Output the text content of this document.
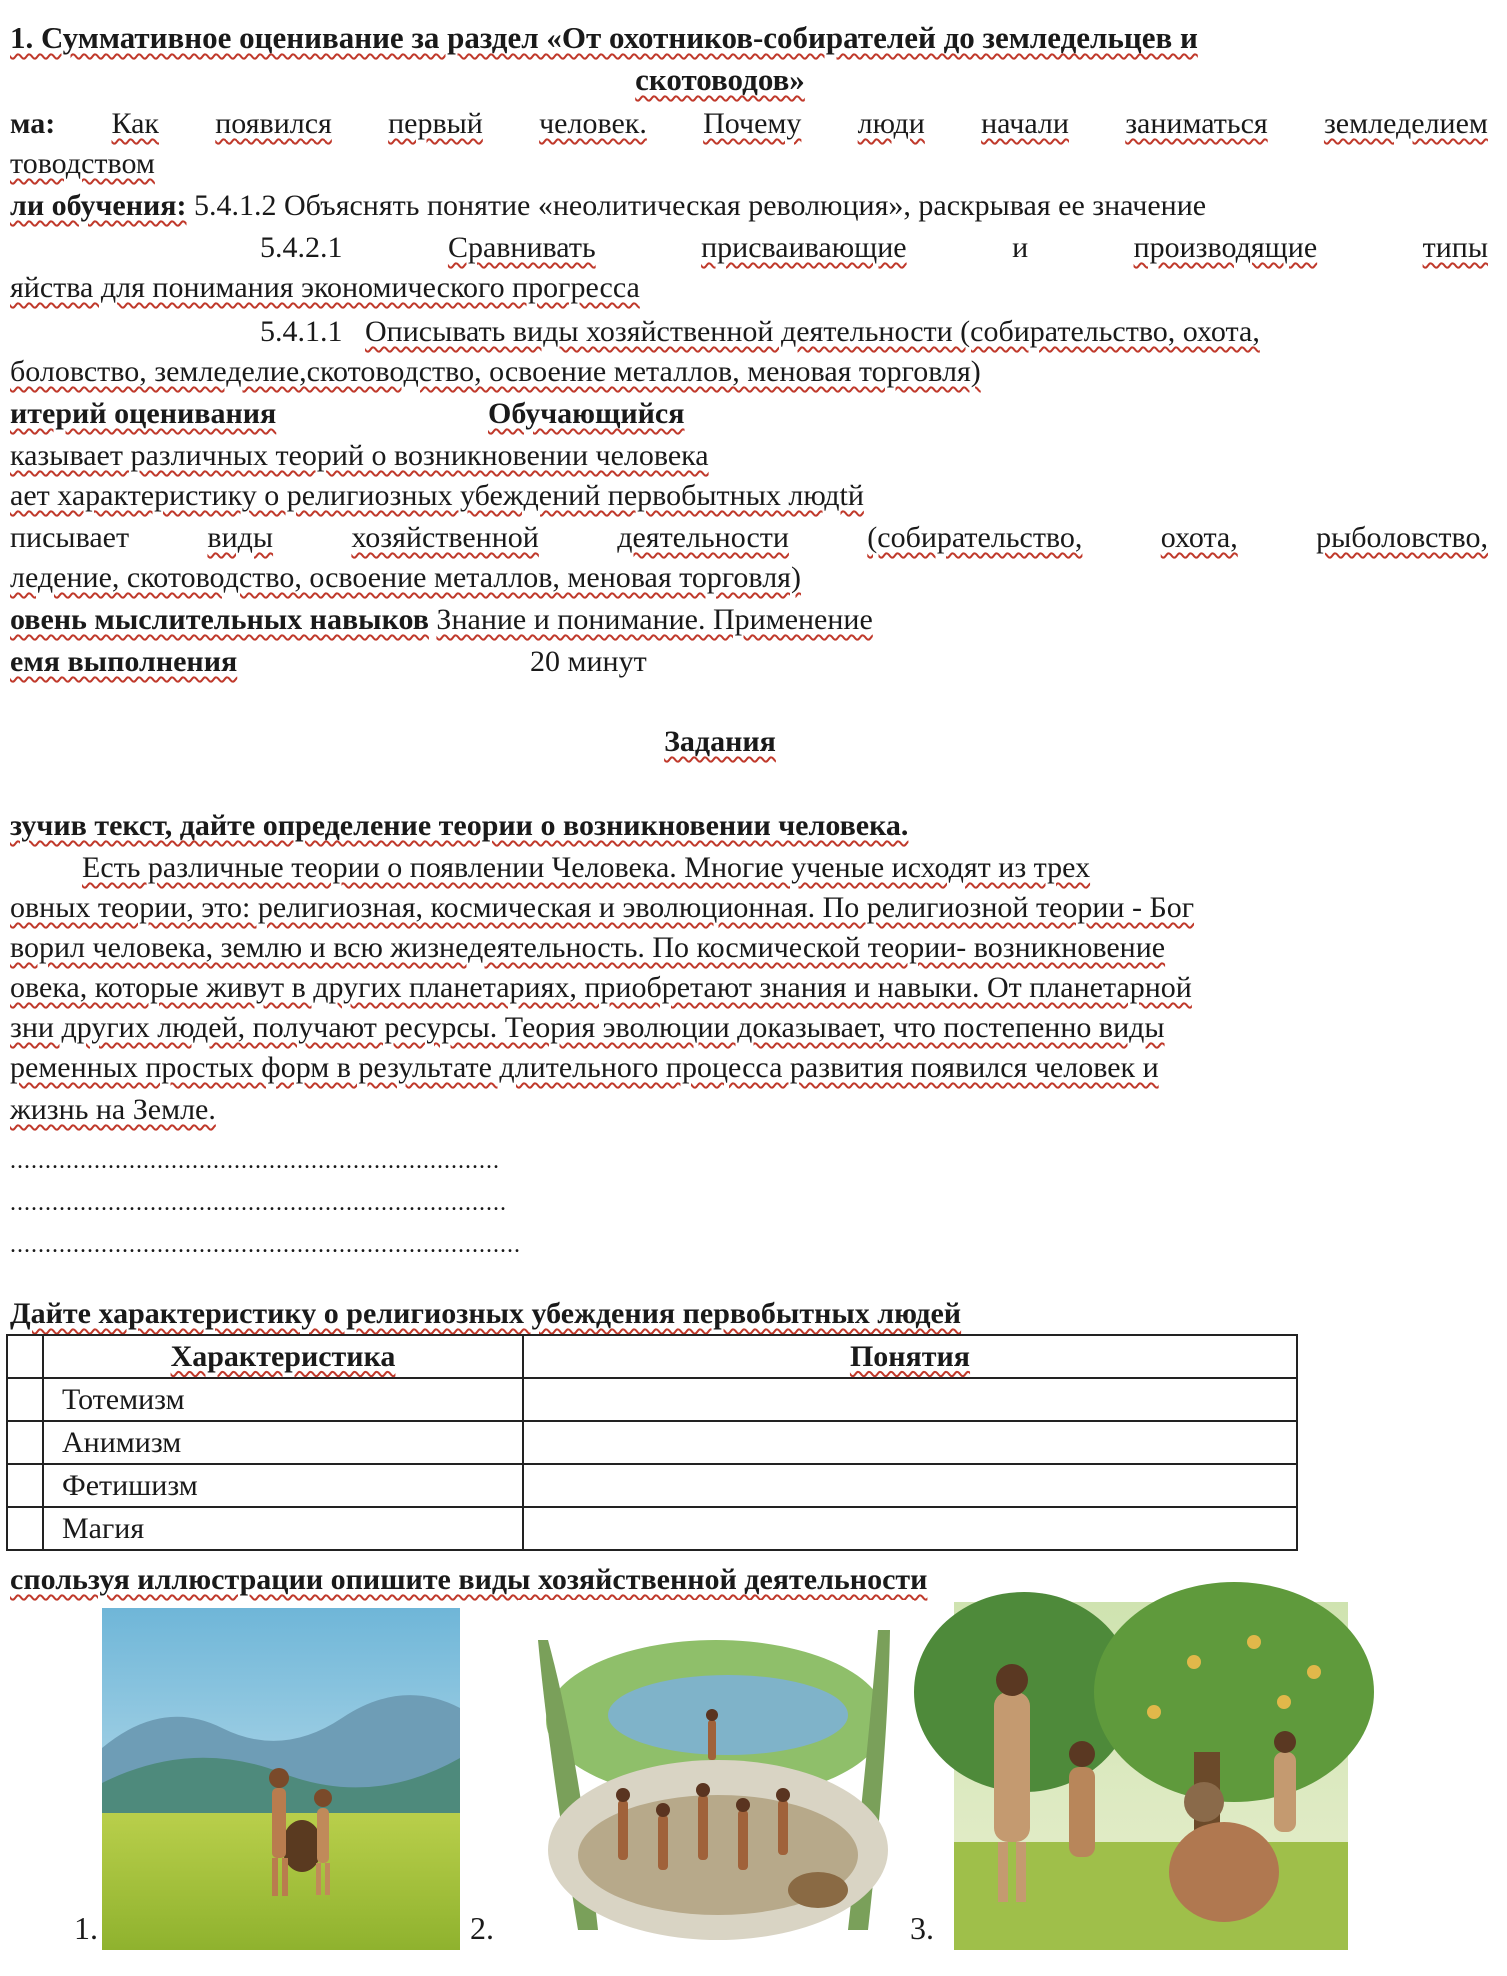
1. Суммативное оценивание за раздел «От охотников-собирателей до земледельцев и
скотоводов»
ма: Как появился первый человек. Почему люди начали заниматься земледелием
товодством
ли обучения: 5.4.1.2 Объяснять понятие «неолитическая революция», раскрывая ее значение
5.4.2.1	Сравнивать	присваивающие	и	производящие	типы
яйства для понимания экономического прогресса
5.4.1.1 Описывать виды хозяйственной деятельности (собирательство, охота,
боловство, земледелие,скотоводство, освоение металлов, меновая торговля)
итерий оценивания	Обучающийся
казывает различных теорий о возникновении человека
ает характеристику о религиозных убеждений первобытных людtй
писывает	виды	хозяйственной	деятельности	(собирательство,	охота,	рыболовство,
ледение, скотоводство, освоение металлов, меновая торговля)
овень мыслительных навыков Знание и понимание. Применение
емя выполнения	20 минут
Задания
зучив текст, дайте определение теории о возникновении человека.
Есть различные теории о появлении Человека. Многие ученые исходят из трех
овных теории, это: религиозная, космическая и эволюционная. По религиозной теории - Бог
ворил человека, землю и всю жизнедеятельность. По космической теории- возникновение
овека, которые живут в других планетариях, приобретают знания и навыки. От планетарной
зни других людей, получают ресурсы. Теория эволюции доказывает, что постепенно виды
ременных простых форм в результате длительного процесса развития появился человек и
жизнь на Земле.
......................................................................
.......................................................................
.........................................................................
Дайте характеристику о религиозных убеждения первобытных людей
	Характеристика	Понятия
	Тотемизм	
	Анимизм	
	Фетишизм	
	Магия	
спользуя иллюстрации опишите виды хозяйственной деятельности
1.	2.	3.
